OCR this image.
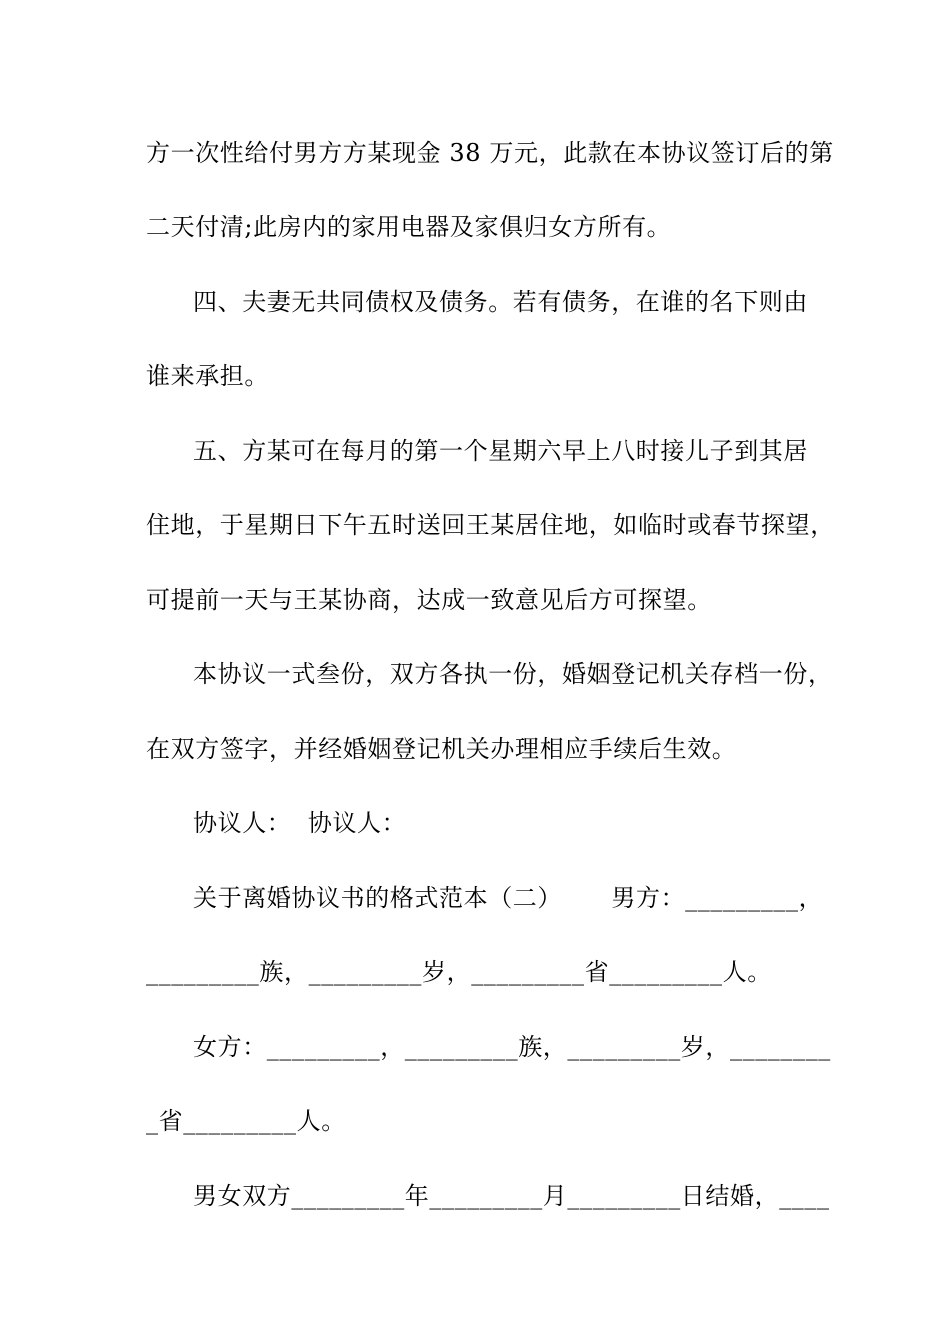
方一次性给付男方方某现金 38 万元，此款在本协议签订后的第
二天付清;此房内的家用电器及家俱归女方所有。
四、夫妻无共同债权及债务。若有债务，在谁的名下则由
谁来承担。
五、方某可在每月的第一个星期六早上八时接儿子到其居
住地，于星期日下午五时送回王某居住地，如临时或春节探望，
可提前一天与王某协商，达成一致意见后方可探望。
本协议一式叁份，双方各执一份，婚姻登记机关存档一份，
在双方签字，并经婚姻登记机关办理相应手续后生效。
协议人：  协议人：
关于离婚协议书的格式范本（二）      男方：_________，
_________族，_________岁，_________省_________人。
女方：_________，_________族，_________岁，________
_省_________人。
男女双方_________年_________月_________日结婚，____
